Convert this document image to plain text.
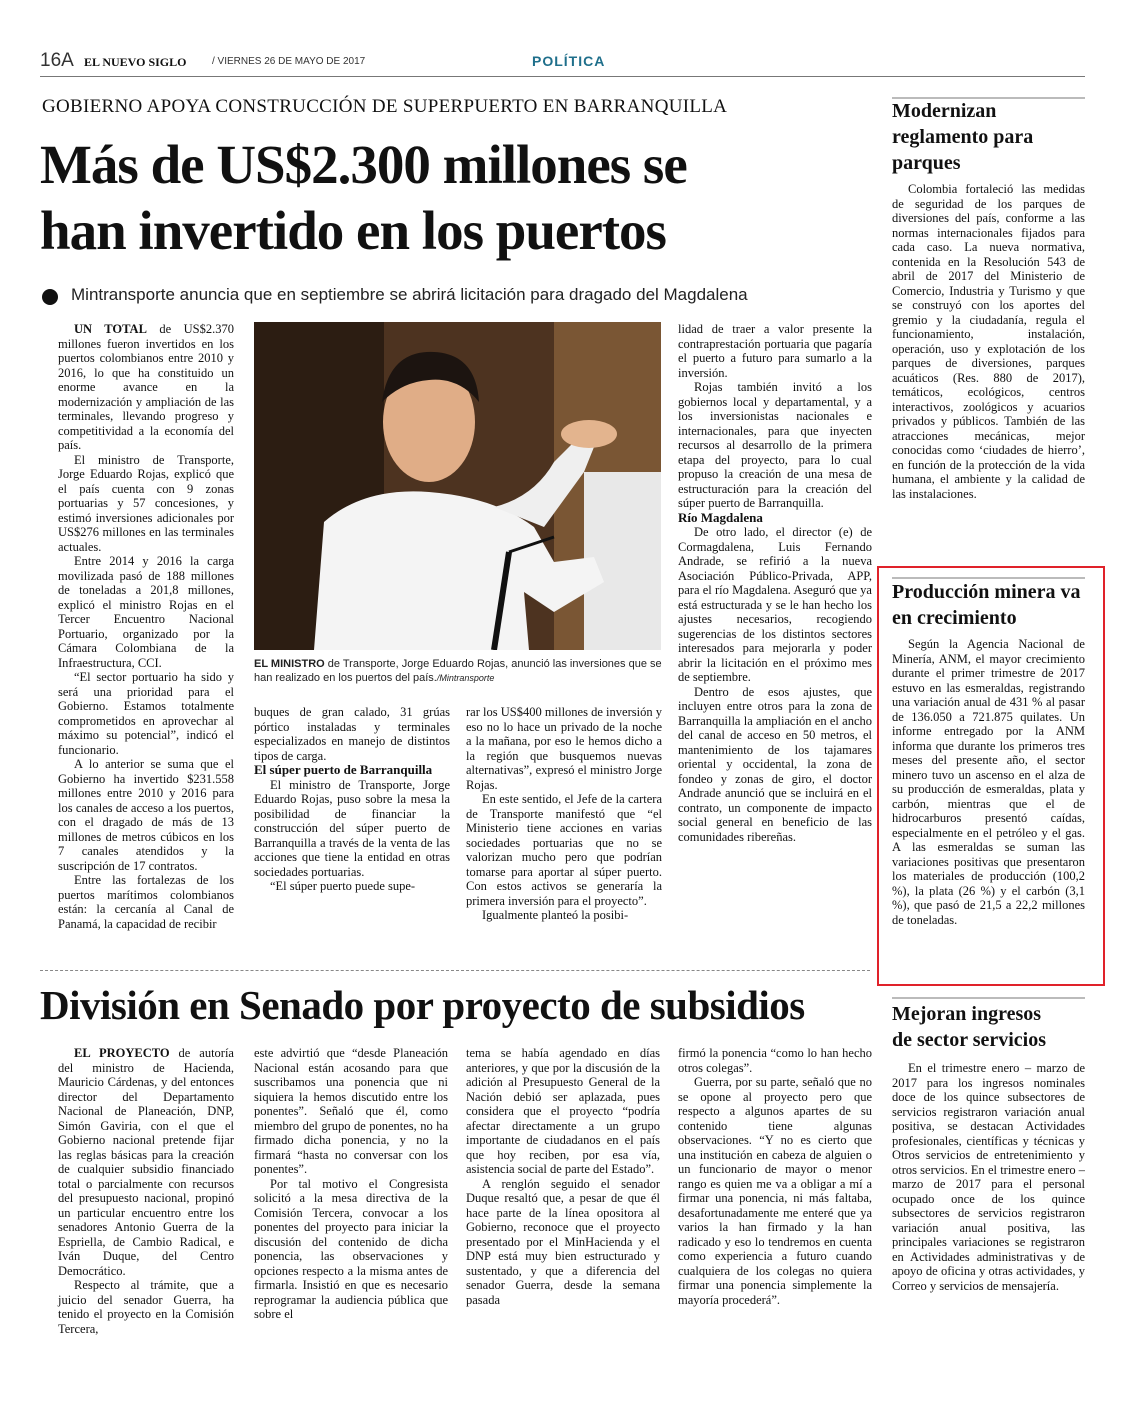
16A EL NUEVO SIGLO	/ VIERNES 26 DE MAYO DE 2017	POLÍTICA
GOBIERNO APOYA CONSTRUCCIÓN DE SUPERPUERTO EN BARRANQUILLA
Más de US$2.300 millones se
han invertido en los puertos
Mintransporte anuncia que en septiembre se abrirá licitación para dragado del Magdalena

UN TOTAL de US$2.370 millones fueron invertidos en los puertos colombianos entre 2010 y 2016, lo que ha constituido un enorme avance en la modernización y ampliación de las terminales, llevando progreso y competitividad a la economía del país.

El ministro de Transporte, Jorge Eduardo Rojas, explicó que el país cuenta con 9 zonas portuarias y 57 concesiones, y estimó inversiones adicionales por US$276 millones en las terminales actuales.

Entre 2014 y 2016 la carga movilizada pasó de 188 millones de toneladas a 201,8 millones, explicó el ministro Rojas en el Tercer Encuentro Nacional Portuario, organizado por la Cámara Colombiana de la Infraestructura, CCI.

“El sector portuario ha sido y será una prioridad para el Gobierno. Estamos totalmente comprometidos en aprovechar al máximo su potencial”, indicó el funcionario.

A lo anterior se suma que el Gobierno ha invertido $231.558 millones entre 2010 y 2016 para los canales de acceso a los puertos, con el dragado de más de 13 millones de metros cúbicos en los 7 canales atendidos y la suscripción de 17 contratos.

Entre las fortalezas de los puertos marítimos colombianos están: la cercanía al Canal de Panamá, la capacidad de recibir

EL MINISTRO de Transporte, Jorge Eduardo Rojas, anunció las inversiones que se han realizado en los puertos del país./Mintransporte

buques de gran calado, 31 grúas pórtico instaladas y terminales especializados en manejo de distintos tipos de carga.

El súper puerto de Barranquilla

El ministro de Transporte, Jorge Eduardo Rojas, puso sobre la mesa la posibilidad de financiar la construcción del súper puerto de Barranquilla a través de la venta de las acciones que tiene la entidad en otras sociedades portuarias.

“El súper puerto puede supe-

rar los US$400 millones de inversión y eso no lo hace un privado de la noche a la mañana, por eso le hemos dicho a la región que busquemos nuevas alternativas”, expresó el ministro Jorge Rojas.

En este sentido, el Jefe de la cartera de Transporte manifestó que “el Ministerio tiene acciones en varias sociedades portuarias que no se valorizan mucho pero que podrían tomarse para aportar al súper puerto. Con estos activos se generaría la primera inversión para el proyecto”.

Igualmente planteó la posibi-

lidad de traer a valor presente la contraprestación portuaria que pagaría el puerto a futuro para sumarlo a la inversión.

Rojas también invitó a los gobiernos local y departamental, y a los inversionistas nacionales e internacionales, para que inyecten recursos al desarrollo de la primera etapa del proyecto, para lo cual propuso la creación de una mesa de estructuración para la creación del súper puerto de Barranquilla.

Río Magdalena

De otro lado, el director (e) de Cormagdalena, Luis Fernando Andrade, se refirió a la nueva Asociación Público-Privada, APP, para el río Magdalena. Aseguró que ya está estructurada y se le han hecho los ajustes necesarios, recogiendo sugerencias de los distintos sectores interesados para mejorarla y poder abrir la licitación en el próximo mes de septiembre.

Dentro de esos ajustes, que incluyen entre otros para la zona de Barranquilla la ampliación en el ancho del canal de acceso en 50 metros, el mantenimiento de los tajamares oriental y occidental, la zona de fondeo y zonas de giro, el doctor Andrade anunció que se incluirá en el contrato, un componente de impacto social general en beneficio de las comunidades ribereñas.

División en Senado por proyecto de subsidios

EL PROYECTO de autoría del ministro de Hacienda, Mauricio Cárdenas, y del entonces director del Departamento Nacional de Planeación, DNP, Simón Gaviria, con el que el Gobierno nacional pretende fijar las reglas básicas para la creación de cualquier subsidio financiado total o parcialmente con recursos del presupuesto nacional, propinó un particular encuentro entre los senadores Antonio Guerra de la Espriella, de Cambio Radical, e Iván Duque, del Centro Democrático.

Respecto al trámite, que a juicio del senador Guerra, ha tenido el proyecto en la Comisión Tercera,

este advirtió que “desde Planeación Nacional están acosando para que suscribamos una ponencia que ni siquiera la hemos discutido entre los ponentes”. Señaló que él, como miembro del grupo de ponentes, no ha firmado dicha ponencia, y no la firmará “hasta no conversar con los ponentes”.

Por tal motivo el Congresista solicitó a la mesa directiva de la Comisión Tercera, convocar a los ponentes del proyecto para iniciar la discusión del contenido de dicha ponencia, las observaciones y opciones respecto a la misma antes de firmarla. Insistió en que es necesario reprogramar la audiencia pública que sobre el

tema se había agendado en días anteriores, y que por la discusión de la adición al Presupuesto General de la Nación debió ser aplazada, pues considera que el proyecto “podría afectar directamente a un grupo importante de ciudadanos en el país que hoy reciben, por esa vía, asistencia social de parte del Estado”.

A renglón seguido el senador Duque resaltó que, a pesar de que él hace parte de la línea opositora al Gobierno, reconoce que el proyecto presentado por el MinHacienda y el DNP está muy bien estructurado y sustentado, y que a diferencia del senador Guerra, desde la semana pasada

firmó la ponencia “como lo han hecho otros colegas”.

Guerra, por su parte, señaló que no se opone al proyecto pero que respecto a algunos apartes de su contenido tiene algunas observaciones. “Y no es cierto que una institución en cabeza de alguien o un funcionario de mayor o menor rango es quien me va a obligar a mí a firmar una ponencia, ni más faltaba, desafortunadamente me enteré que ya varios la han firmado y la han radicado y eso lo tendremos en cuenta como experiencia a futuro cuando cualquiera de los colegas no quiera firmar una ponencia simplemente la mayoría procederá”.

Modernizan reglamento para parques

Colombia fortaleció las medidas de seguridad de los parques de diversiones del país, conforme a las normas internacionales fijados para cada caso. La nueva normativa, contenida en la Resolución 543 de abril de 2017 del Ministerio de Comercio, Industria y Turismo y que se construyó con los aportes del gremio y la ciudadanía, regula el funcionamiento, instalación, operación, uso y explotación de los parques de diversiones, parques acuáticos (Res. 880 de 2017), temáticos, ecológicos, centros interactivos, zoológicos y acuarios privados y públicos. También de las atracciones mecánicas, mejor conocidas como ‘ciudades de hierro’, en función de la protección de la vida humana, el ambiente y la calidad de las instalaciones.

Producción minera va en crecimiento

Según la Agencia Nacional de Minería, ANM, el mayor crecimiento durante el primer trimestre de 2017 estuvo en las esmeraldas, registrando una variación anual de 431 % al pasar de 136.050 a 721.875 quilates. Un informe entregado por la ANM informa que durante los primeros tres meses del presente año, el sector minero tuvo un ascenso en el alza de su producción de esmeraldas, plata y carbón, mientras que el de hidrocarburos presentó caídas, especialmente en el petróleo y el gas. A las esmeraldas se suman las variaciones positivas que presentaron los materiales de producción (100,2 %), la plata (26 %) y el carbón (3,1 %), que pasó de 21,5 a 22,2 millones de toneladas.

Mejoran ingresos de sector servicios

En el trimestre enero – marzo de 2017 para los ingresos nominales doce de los quince subsectores de servicios registraron variación anual positiva, se destacan Actividades profesionales, científicas y técnicas y Otros servicios de entretenimiento y otros servicios. En el trimestre enero – marzo de 2017 para el personal ocupado once de los quince subsectores de servicios registraron variación anual positiva, las principales variaciones se registraron en Actividades administrativas y de apoyo de oficina y otras actividades, y Correo y servicios de mensajería.
